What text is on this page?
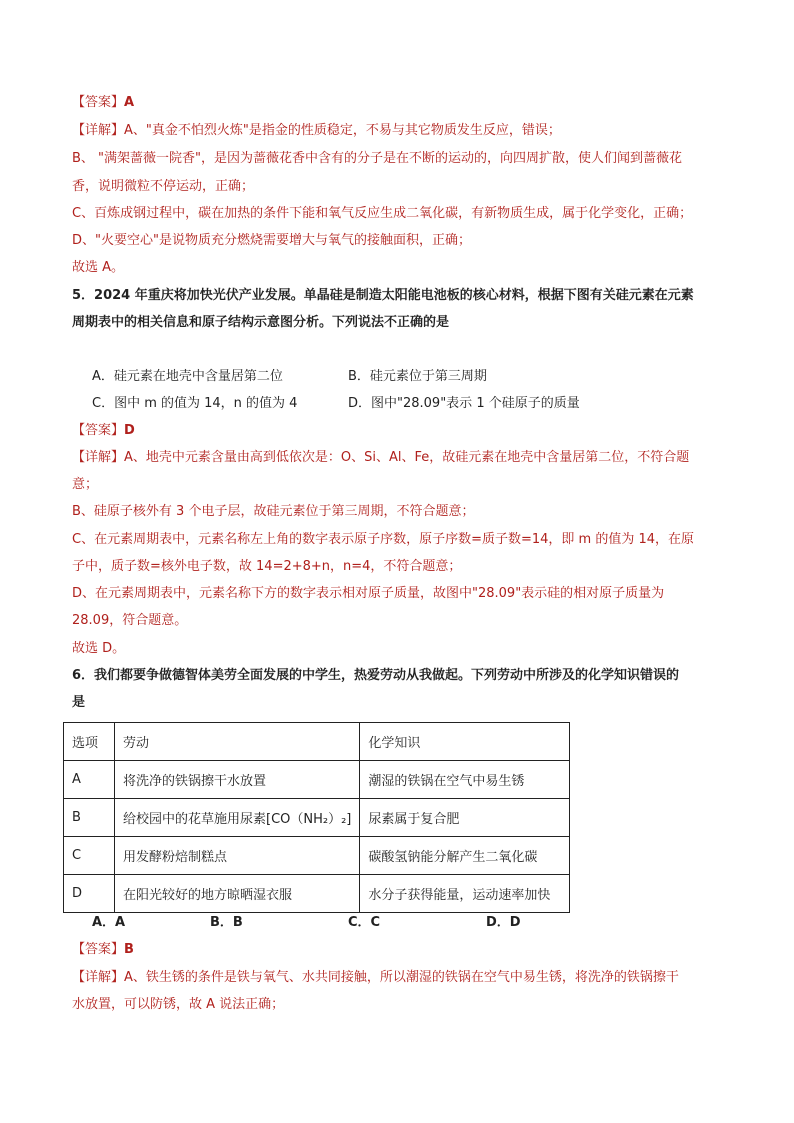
【答案】A
【详解】A、"真金不怕烈火炼"是指金的性质稳定，不易与其它物质发生反应，错误；
B、 "满架蔷薇一院香"，是因为蔷薇花香中含有的分子是在不断的运动的，向四周扩散，使人们闻到蔷薇花
香，说明微粒不停运动，正确；
C、百炼成钢过程中，碳在加热的条件下能和氧气反应生成二氧化碳，有新物质生成，属于化学变化，正确；
D、"火要空心"是说物质充分燃烧需要增大与氧气的接触面积，正确；
故选 A。
5．2024 年重庆将加快光伏产业发展。单晶硅是制造太阳能电池板的核心材料，根据下图有关硅元素在元素
周期表中的相关信息和原子结构示意图分析。下列说法不正确的是
A．硅元素在地壳中含量居第二位	B．硅元素位于第三周期
C．图中 m 的值为 14，n 的值为 4	D．图中"28.09"表示 1 个硅原子的质量
【答案】D
【详解】A、地壳中元素含量由高到低依次是：O、Si、Al、Fe，故硅元素在地壳中含量居第二位，不符合题
意；
B、硅原子核外有 3 个电子层，故硅元素位于第三周期，不符合题意；
C、在元素周期表中，元素名称左上角的数字表示原子序数，原子序数=质子数=14，即 m 的值为 14，在原
子中，质子数=核外电子数，故 14=2+8+n，n=4，不符合题意；
D、在元素周期表中，元素名称下方的数字表示相对原子质量，故图中"28.09"表示硅的相对原子质量为
28.09，符合题意。
故选 D。
6．我们都要争做德智体美劳全面发展的中学生，热爱劳动从我做起。下列劳动中所涉及的化学知识错误的
是
选项	劳动	化学知识
A	将洗净的铁锅擦干水放置	潮湿的铁锅在空气中易生锈
B	给校园中的花草施用尿素[CO（NH₂）₂]	尿素属于复合肥
C	用发酵粉焙制糕点	碳酸氢钠能分解产生二氧化碳
D	在阳光较好的地方晾晒湿衣服	水分子获得能量，运动速率加快
A．A	B．B	C．C	D．D
【答案】B
【详解】A、铁生锈的条件是铁与氧气、水共同接触，所以潮湿的铁锅在空气中易生锈，将洗净的铁锅擦干
水放置，可以防锈，故 A 说法正确；
